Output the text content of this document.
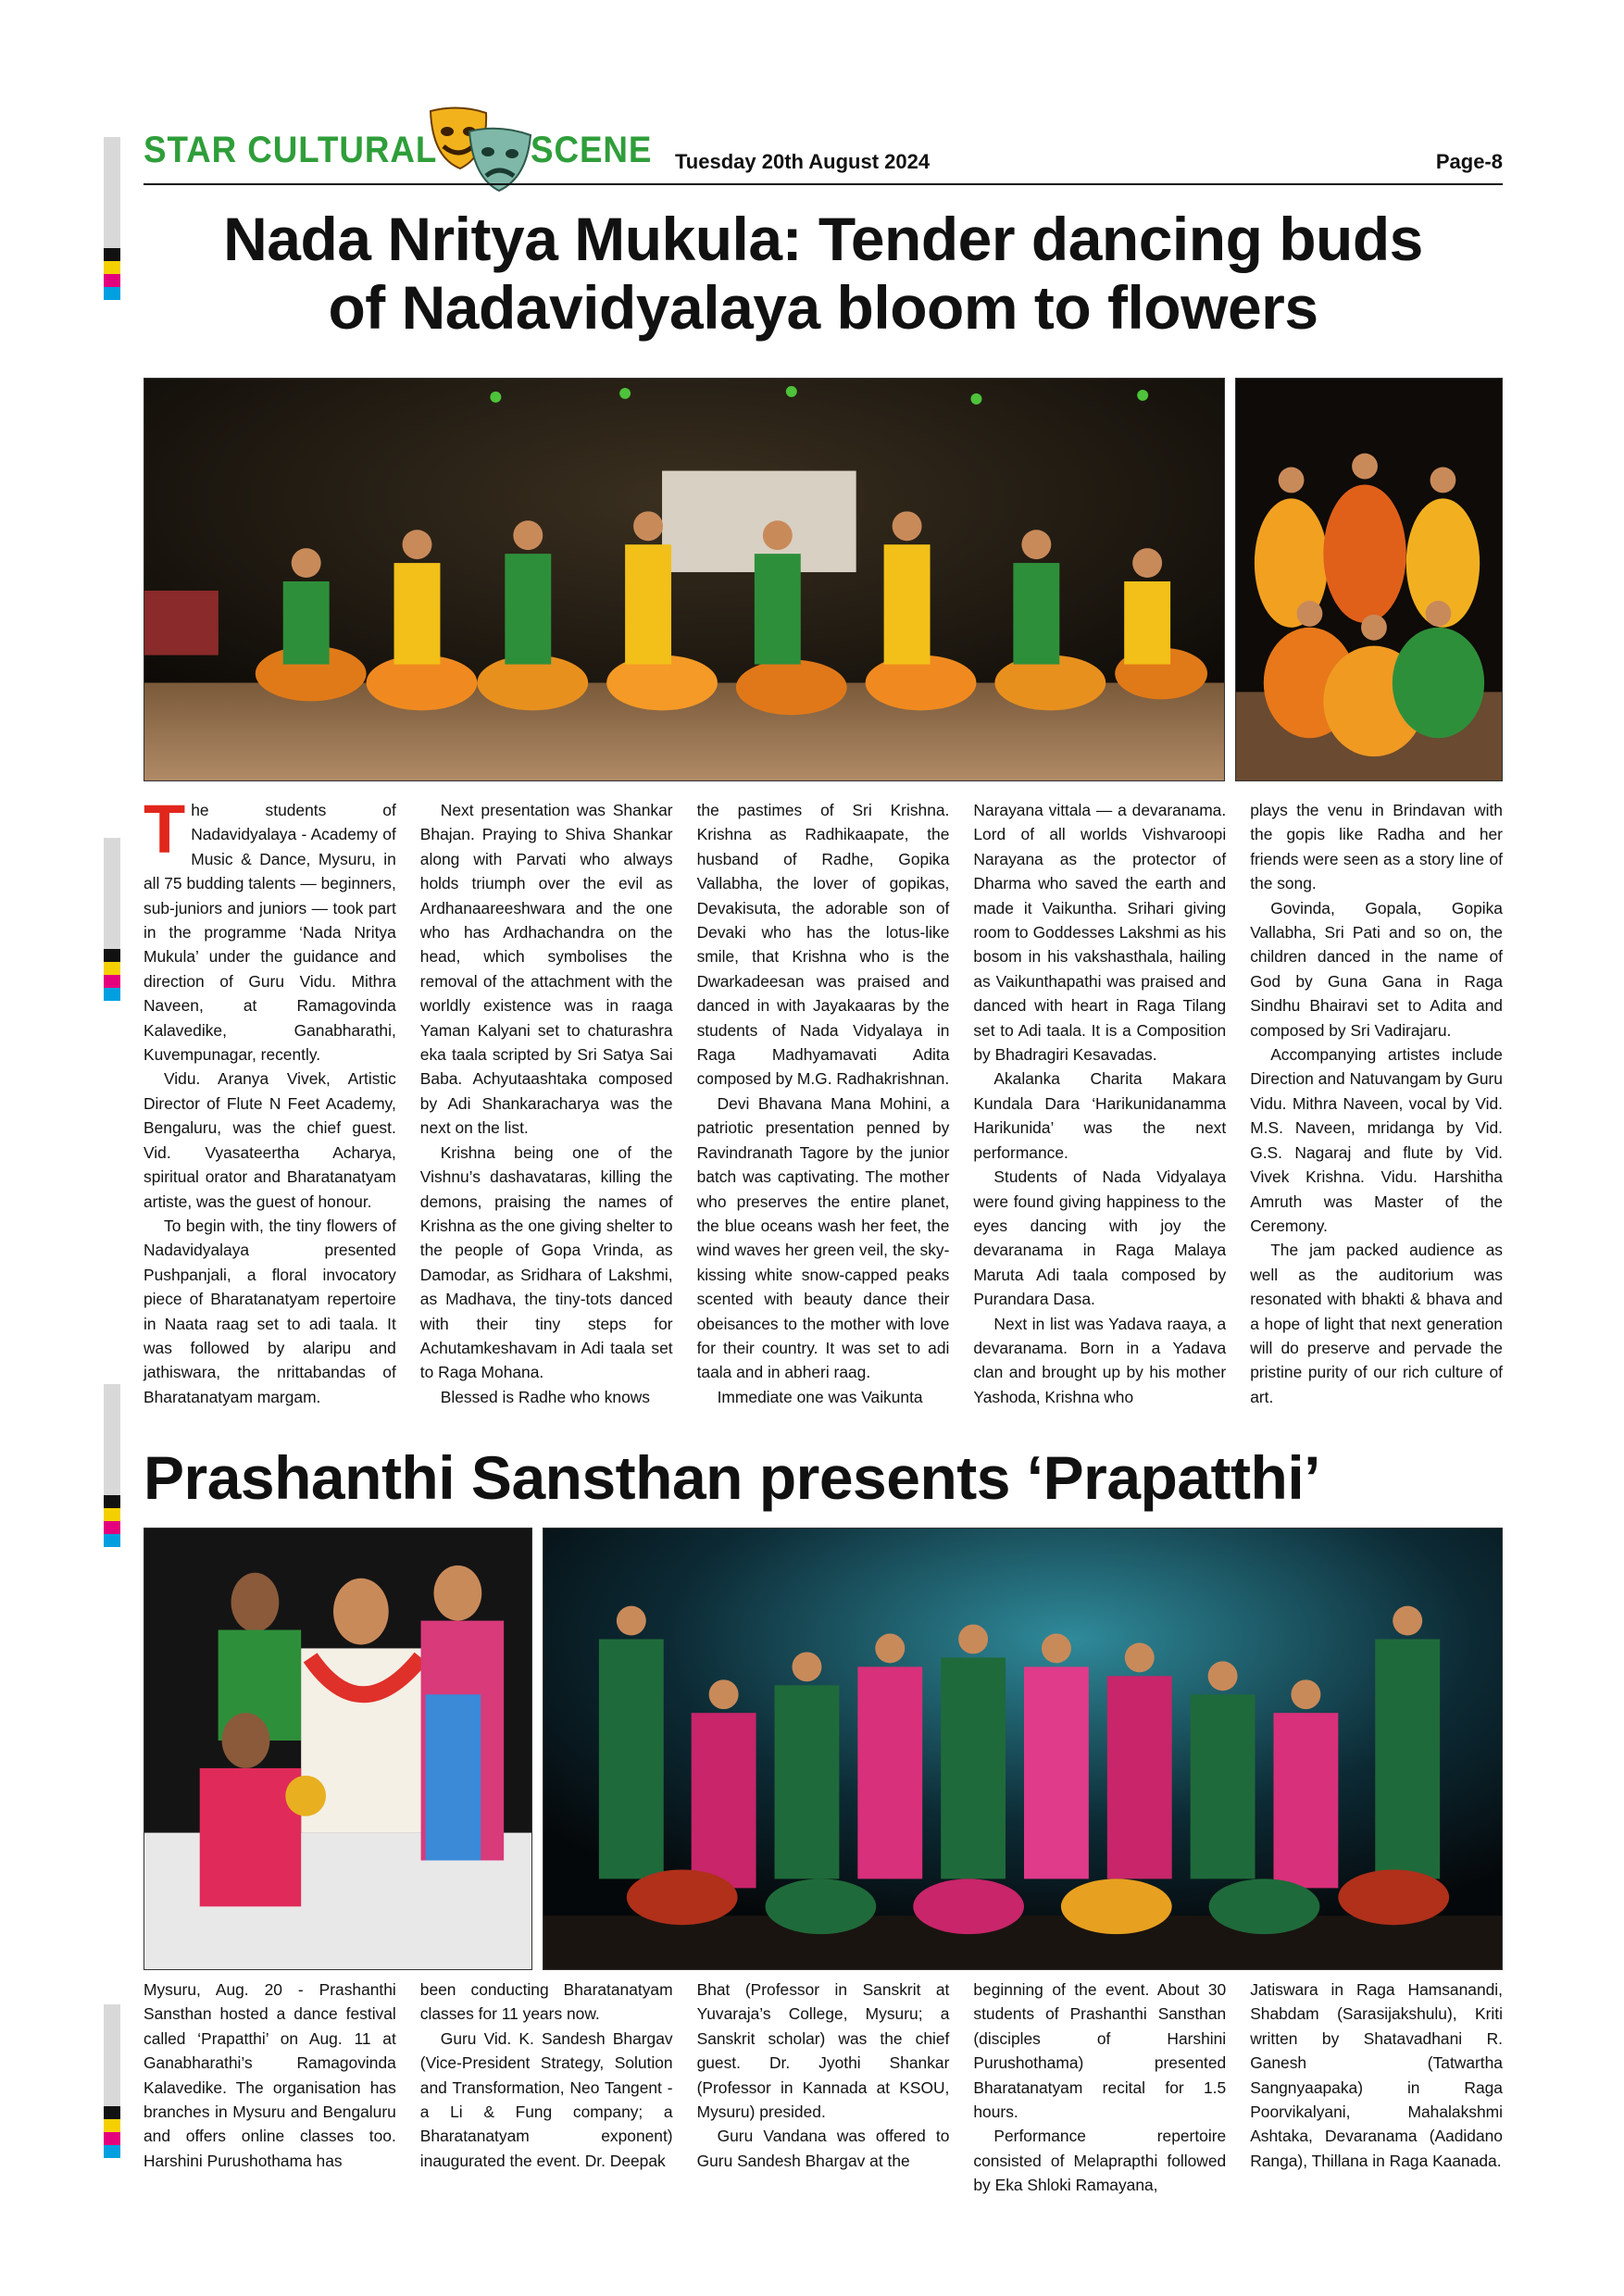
STAR CULTURAL	SCENE Tuesday 20th August 2024	Page-8
Nada Nritya Mukula: Tender dancing buds
of Nadavidyalaya bloom to flowers

The students of Nadavidyalaya - Academy of Music & Dance, Mysuru, in all 75 budding talents — beginners, sub-juniors and juniors — took part in the programme ‘Nada Nritya Mukula’ under the guidance and direction of Guru Vidu. Mithra Naveen, at Ramagovinda Kalavedike, Ganabharathi, Kuvempunagar, recently.

Vidu. Aranya Vivek, Artistic Director of Flute N Feet Academy, Bengaluru, was the chief guest. Vid. Vyasateertha Acharya, spiritual orator and Bharatanatyam artiste, was the guest of honour.

To begin with, the tiny flowers of Nadavidyalaya presented Pushpanjali, a floral invocatory piece of Bharatanatyam repertoire in Naata raag set to adi taala. It was followed by alaripu and jathiswara, the nrittabandas of Bharatanatyam margam.

Next presentation was Shankar Bhajan. Praying to Shiva Shankar along with Parvati who always holds triumph over the evil as Ardhanaareeshwara and the one who has Ardhachandra on the head, which symbolises the removal of the attachment with the worldly existence was in raaga Yaman Kalyani set to chaturashra eka taala scripted by Sri Satya Sai Baba. Achyutaashtaka composed by Adi Shankaracharya was the next on the list.

Krishna being one of the Vishnu’s dashavataras, killing the demons, praising the names of Krishna as the one giving shelter to the people of Gopa Vrinda, as Damodar, as Sridhara of Lakshmi, as Madhava, the tiny-tots danced with their tiny steps for Achutamkeshavam in Adi taala set to Raga Mohana.

Blessed is Radhe who knows

the pastimes of Sri Krishna. Krishna as Radhikaapate, the husband of Radhe, Gopika Vallabha, the lover of gopikas, Devakisuta, the adorable son of Devaki who has the lotus-like smile, that Krishna who is the Dwarkadeesan was praised and danced in with Jayakaaras by the students of Nada Vidyalaya in Raga Madhyamavati Adita composed by M.G. Radhakrishnan.

Devi Bhavana Mana Mohini, a patriotic presentation penned by Ravindranath Tagore by the junior batch was captivating. The mother who preserves the entire planet, the blue oceans wash her feet, the wind waves her green veil, the sky-kissing white snow-capped peaks scented with beauty dance their obeisances to the mother with love for their country. It was set to adi taala and in abheri raag.

Immediate one was Vaikunta

Narayana vittala — a devaranama. Lord of all worlds Vishvaroopi Narayana as the protector of Dharma who saved the earth and made it Vaikuntha. Srihari giving room to Goddesses Lakshmi as his bosom in his vakshasthala, hailing as Vaikunthapathi was praised and danced with heart in Raga Tilang set to Adi taala. It is a Composition by Bhadragiri Kesavadas.

Akalanka Charita Makara Kundala Dara ‘Harikunidanamma Harikunida’ was the next performance.

Students of Nada Vidyalaya were found giving happiness to the eyes dancing with joy the devaranama in Raga Malaya Maruta Adi taala composed by Purandara Dasa.

Next in list was Yadava raaya, a devaranama. Born in a Yadava clan and brought up by his mother Yashoda, Krishna who

plays the venu in Brindavan with the gopis like Radha and her friends were seen as a story line of the song.

Govinda, Gopala, Gopika Vallabha, Sri Pati and so on, the children danced in the name of God by Guna Gana in Raga Sindhu Bhairavi set to Adita and composed by Sri Vadirajaru.

Accompanying artistes include Direction and Natuvangam by Guru Vidu. Mithra Naveen, vocal by Vid. M.S. Naveen, mridanga by Vid. G.S. Nagaraj and flute by Vid. Vivek Krishna. Vidu. Harshitha Amruth was Master of the Ceremony.

The jam packed audience as well as the auditorium was resonated with bhakti & bhava and a hope of light that next generation will do preserve and pervade the pristine purity of our rich culture of art.

Prashanthi Sansthan presents ‘Prapatthi’

Mysuru, Aug. 20 - Prashanthi Sansthan hosted a dance festival called ‘Prapatthi’ on Aug. 11 at Ganabharathi’s Ramagovinda Kalavedike. The organisation has branches in Mysuru and Bengaluru and offers online classes too. Harshini Purushothama has

been conducting Bharatanatyam classes for 11 years now.

Guru Vid. K. Sandesh Bhargav (Vice-President Strategy, Solution and Transformation, Neo Tangent - a Li & Fung company; a Bharatanatyam exponent) inaugurated the event. Dr. Deepak

Bhat (Professor in Sanskrit at Yuvaraja’s College, Mysuru; a Sanskrit scholar) was the chief guest. Dr. Jyothi Shankar (Professor in Kannada at KSOU, Mysuru) presided.

Guru Vandana was offered to Guru Sandesh Bhargav at the

beginning of the event. About 30 students of Prashanthi Sansthan (disciples of Harshini Purushothama) presented Bharatanatyam recital for 1.5 hours.

Performance repertoire consisted of Melaprapthi followed by Eka Shloki Ramayana,

Jatiswara in Raga Hamsanandi, Shabdam (Sarasijakshulu), Kriti written by Shatavadhani R. Ganesh (Tatwartha Sangnyaapaka) in Raga Poorvikalyani, Mahalakshmi Ashtaka, Devaranama (Aadidano Ranga), Thillana in Raga Kaanada.
